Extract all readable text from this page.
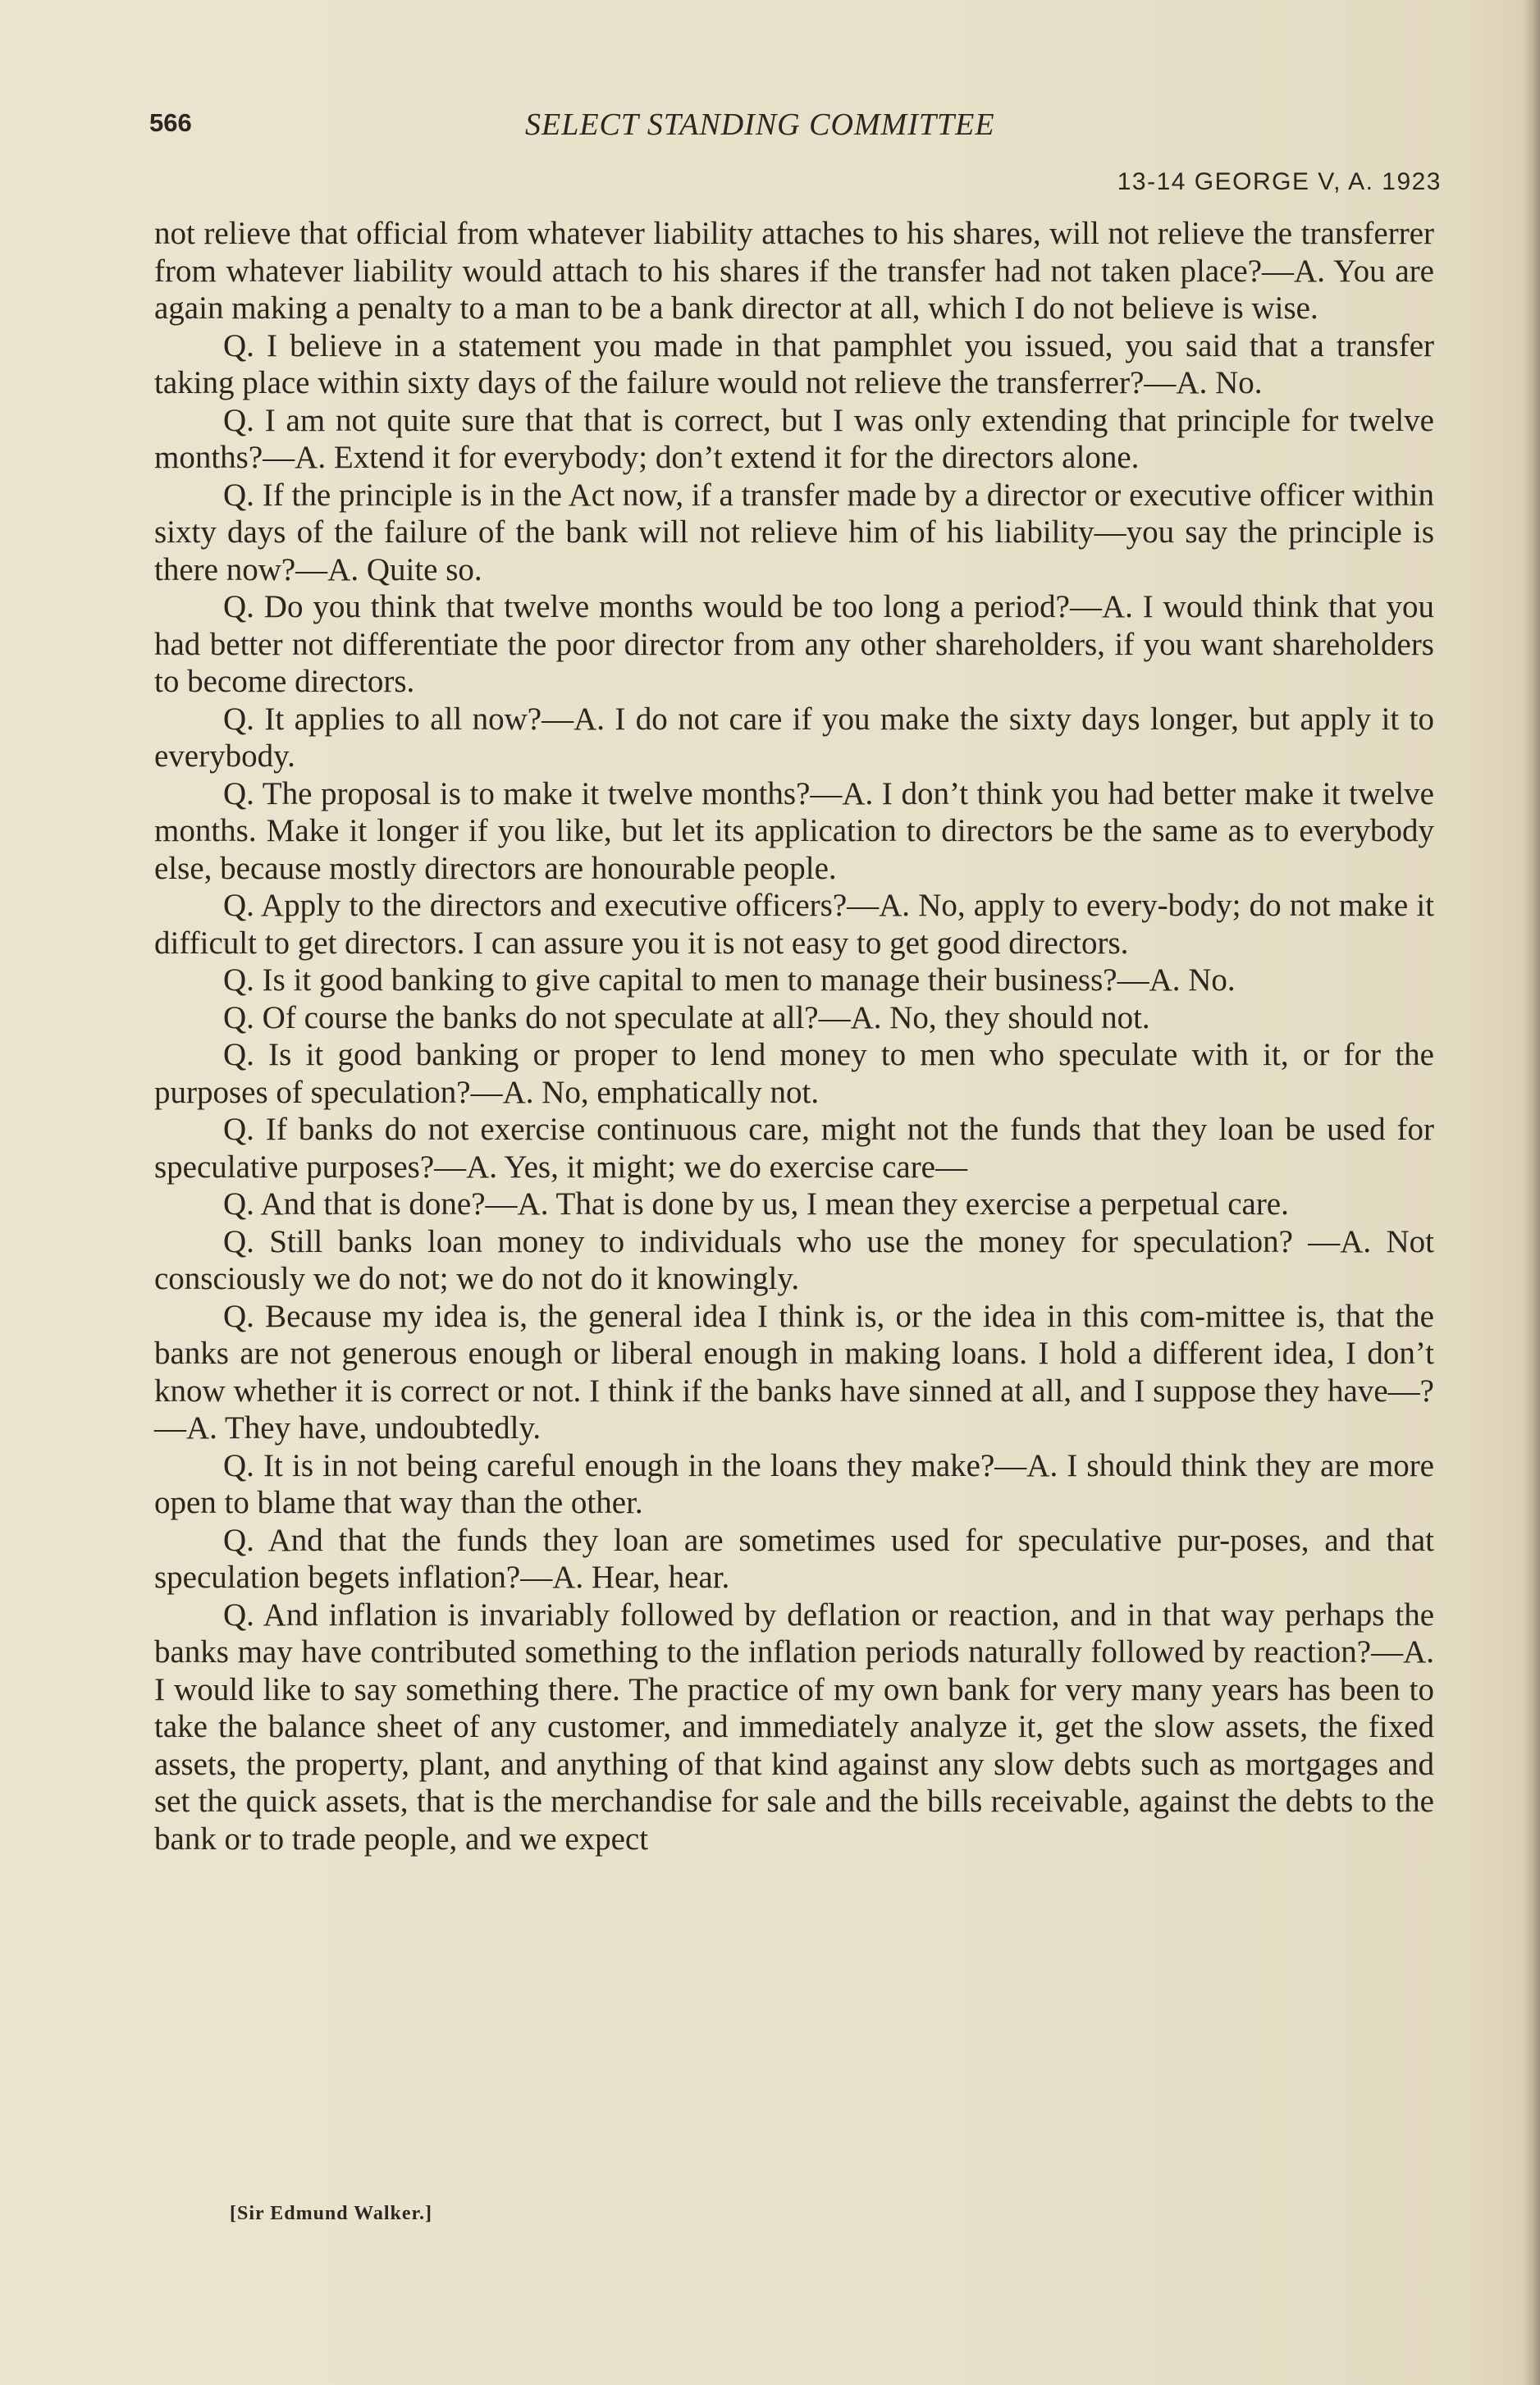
566	SELECT STANDING COMMITTEE
13-14 GEORGE V, A. 1923

not relieve that official from whatever liability attaches to his shares, will not relieve the transferrer from whatever liability would attach to his shares if the transfer had not taken place?—A. You are again making a penalty to a man to be a bank director at all, which I do not believe is wise.

Q. I believe in a statement you made in that pamphlet you issued, you said that a transfer taking place within sixty days of the failure would not relieve the transferrer?—A. No.

Q. I am not quite sure that that is correct, but I was only extending that principle for twelve months?—A. Extend it for everybody; don’t extend it for the directors alone.

Q. If the principle is in the Act now, if a transfer made by a director or executive officer within sixty days of the failure of the bank will not relieve him of his liability—you say the principle is there now?—A. Quite so.

Q. Do you think that twelve months would be too long a period?—A. I would think that you had better not differentiate the poor director from any other shareholders, if you want shareholders to become directors.

Q. It applies to all now?—A. I do not care if you make the sixty days longer, but apply it to everybody.

Q. The proposal is to make it twelve months?—A. I don’t think you had better make it twelve months. Make it longer if you like, but let its application to directors be the same as to everybody else, because mostly directors are honourable people.

Q. Apply to the directors and executive officers?—A. No, apply to every-body; do not make it difficult to get directors. I can assure you it is not easy to get good directors.

Q. Is it good banking to give capital to men to manage their business?—A. No.

Q. Of course the banks do not speculate at all?—A. No, they should not.

Q. Is it good banking or proper to lend money to men who speculate with it, or for the purposes of speculation?—A. No, emphatically not.

Q. If banks do not exercise continuous care, might not the funds that they loan be used for speculative purposes?—A. Yes, it might; we do exercise care—

Q. And that is done?—A. That is done by us, I mean they exercise a perpetual care.

Q. Still banks loan money to individuals who use the money for speculation? —A. Not consciously we do not; we do not do it knowingly.

Q. Because my idea is, the general idea I think is, or the idea in this com-mittee is, that the banks are not generous enough or liberal enough in making loans. I hold a different idea, I don’t know whether it is correct or not. I think if the banks have sinned at all, and I suppose they have—?—A. They have, undoubtedly.

Q. It is in not being careful enough in the loans they make?—A. I should think they are more open to blame that way than the other.

Q. And that the funds they loan are sometimes used for speculative pur-poses, and that speculation begets inflation?—A. Hear, hear.

Q. And inflation is invariably followed by deflation or reaction, and in that way perhaps the banks may have contributed something to the inflation periods naturally followed by reaction?—A. I would like to say something there. The practice of my own bank for very many years has been to take the balance sheet of any customer, and immediately analyze it, get the slow assets, the fixed assets, the property, plant, and anything of that kind against any slow debts such as mortgages and set the quick assets, that is the merchandise for sale and the bills receivable, against the debts to the bank or to trade people, and we expect

[Sir Edmund Walker.]
